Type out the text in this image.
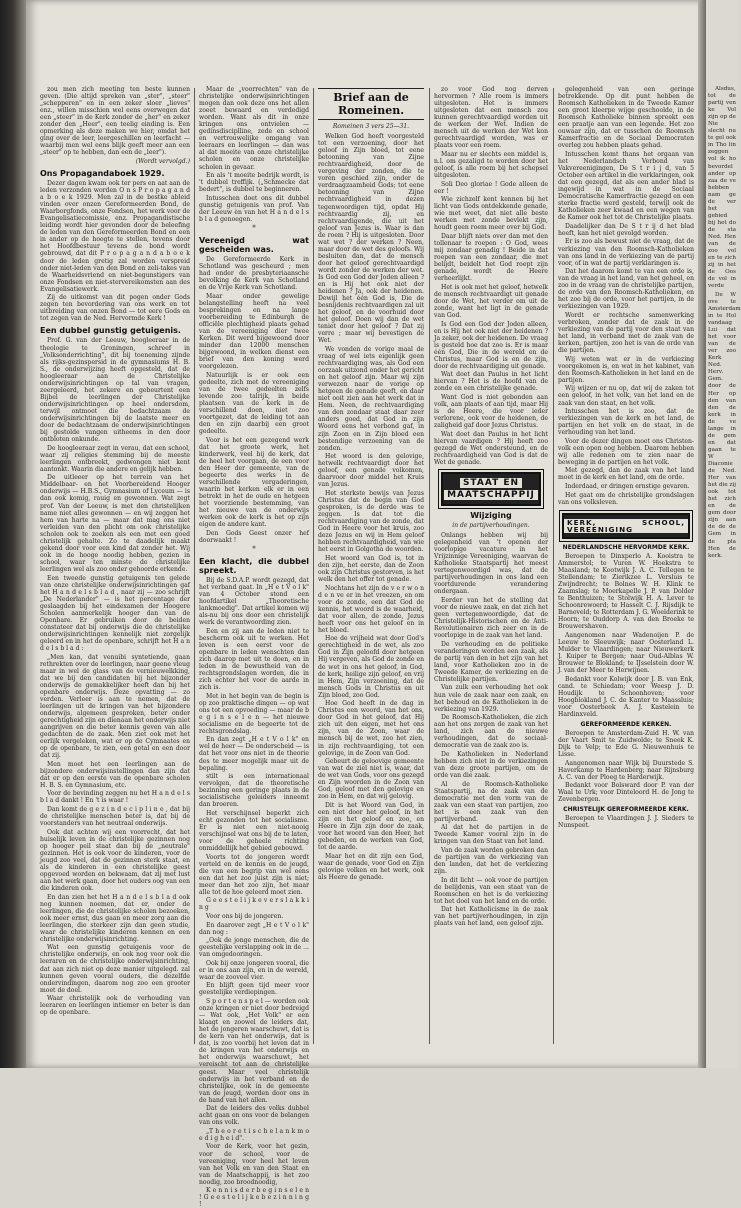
zou men zich meeting ten beste kunnen geven. (Die altijd spreken van „ster", „steer" „schepperen" en in een zeker sloer „lieves" enz., willen misschien wel eens overwegen dat een „steer" in de Kerk zonder de „her" en zeker zonder den „Heer", een teelig einding is. Een opmerking als deze maken we hier, omdat het ging over de leer, leergeschillen en leerfacht — waarbij men wel eens blijk geeft meer aan een „steer" op te hebben, dan een de „leer").

(Wordt vervolgd.)
Ons Propagandaboek 1929.

Dezer dagen kwam ook ter pers en aat aan de leden verzonden worden O n s P r o p a g a n d a b o e k 1929. Men zal in de bestke ableid vinden over onzen Gereformeerden Bond, de Waarborgfonds, onze Fondsen, het werk voor de Evangelisatiecomissie, enz. Propagandistische leiding wordt hier gevonden door de beleefing de leden van den Gereformeerden Bond en een in ander op de hoogte te stellen, tevens door het Hoofdbestuur tevens de bond wordt gebrouwd, dat dit P r o p a g a n d a b o e k door de leden gretig zal worden verspreid onder niet-leden van den Bond en zeli-takes van de Waarheidsvriend en niet-begunstigers van onze Fondsen en niet-stervereikomsten aan des Evangelisatiewerk.

Zij de uitkomst van dit pogen onder Gods zegen ten bevordering van ons werk en tot uitbreiding van onzen Bond — tot eere Gods en tot zegen van de Ned. Hervormde Kerk !

Een dubbel gunstig getuigenis.

Prof. G. van der Leeuw, hoogleeraar in de theologie te Groningen, schreef in „Volksonderrichting", dit bij toeneming zijnde als rijks-gezinspersid in de gymnasiums H. B. S., de onderwijzing heeft opgesteld, dat de hoogleeraar aan de Christelijke onderwijsinrichtingen op tal van vragen, zeergeleerd, het zekere en gebeurtent een Bijbel de leerlingen der Christelijke onderwijsinrichtingen op heel ondersdom, terwijl ontmoet die bedachtzaam de onderwijsinrichtingen bij de laatste meer en door de bedachtzaam de onderwijsinrichtingen bij gestolde vangen uitheems in den door ontbloten onkunde.

De hoogleeraar zegt in verau, dat een school, waar zij religies stemming bij de meeste leerlingen ontbreekt, gedwongen niet kent aantonkt. Waarin die andere en gelijk hebben.

De uitleeer op het terrein van het Middelbaar- en het Voorbereidend Hooger onderwijs — H.B.S., Gymnasium of Lyceum — is dan ook komig, rauig en gewonnen. Wat zegt prof. Van der Leeuw, is met den christelijken name niet alles gewonnen — en wij zeggen het hem van harte na — maar dat mag ons niet verleiden van den plicht om ook christelijke scholen ook te zoeken als een met een goed christelijk gehalte. Zo te daadelijk maakt gekend door voor een kind dat zonder het. Wij ook in de hooge noodig hebben, gezien in school, waar ten minste de christelijke leerlingen wel als zoo onder gehoorde erkende.

Een tweede gunstig getuigenis ten gelede van onze christelijke onderwijsinrichtingen gaf het H a n d e l s b l a d , naar zij — zoo schrijft „De Nederlander" — is het percentage der geslaagden bij het eindexamen der Hoogere Scholen aanmerkelijk hooger dan van de Openbare. Er gebruiken door de beiden constateer dat bij onderwijs die de christelijke onderwijsinrichtingen kennelijk niet zorgelijk geleerd en in het de openbare, schrijft het H a n d e l s b l a d :

„Men kan, dat venuibi syntetiende, gaan rethrekten over de leerlingen, naar geene vleug maar in wel de glass van de vernieuwelkking, dat we bij den candidaten bij het bijzonder onderwijs de gemakkelijker heeft dan bij het openbare onderwijs. Deze opvatting — zo verden. Verleer is aan te nemen, dat de leerlingen uit de kringen van het bijzondere onderwijs, algemeen gesproken, beter onder gerechtigheid zijn en dienaan het onderwijs niet aangrijven en die beter kennis geven van alle gedachten de de zaak. Men ziet ook met het eerlijk vergeleken, wat er op de Cymnaates en op de openbare, te zien, een getal en een door dat zij.

Men moet het een leerlingen aan de bijzondere onderwijsinstellingen dan zijn dat dat er op den eerste van de openbare scholen H. B. S. en Gymnasium, etc.

Voor de bevinding zeggen nu het H a n d e l s b l a d dankt ! En 't is waar !

Dan komt de g e z i n d e c i p l i n e , dat bij de christelijke menschen beter is, dat bij de voorstanders van het neutraal onderwijs.

Ook dat achten wij een voorrecht, dat het huiselijk leven in de christelijke gezinnen nog op hooger peil staat dan bij de „neutrale" gezinnen. Het is ook voor de kinderen, voor de jeugd zoo veel, dat de gezinnen sterk staat, en als de kinderen in een christelijke geest opgevoed worden en bekwaam, dat zij met lust aan het werk gaan, door het ouders oog van een die kinderen ook.

En dan zien het het H a n d e l s b l a d ook nog kunnen noemen, dat er, onder de leerlingen, die de christelijke scholen bezoeken, ook meer ernst, dus gaan en meer zorg aan die leerlingen, die sterkeer zijn dan geen studie, waar de christelijke kinderen kennen en een christelijke onderwijsinrichting.

Wat een gunstig getuigenis voor de christelijke onderwijs, en ook nog voor ook die leeraren en de christelijke onderwijsinrichting, dat aan zich niet op deze manier uitgelegd. zal kunnen geven vooral ouders, die dezelfde ondervindingen, daarom nog zoo een grooter moet de doel.

Waar christelijk ook de verhouding van leeraren en leerlingen intiemer en beter is dan op de openbare.

Maar de „voorrechten" van de christelijke onderwijsinrichtingen mogen dan ook deze ons het allen zoeet bewaard en verdedigd worden. Want als dit in onze kringen ons ontvielen — gedinsdisciplline, zede en school en vertrouwelijke omgang van leeraars en leerlingen — dan was al dat moeite van onze christelijke scholen en onze christelijke scholen in gevaar.

En als 't moeite bedrijk wordt, is 't dubbel treffijk. („Schmecke dat bedert", is dubbel te beginneren.

Intusschen doet ons dit dubbel gunstig getuigenis van prof. Van der Leeuw èn van het H a n d e l s b l a d genoegen.

*
Vereenigd wat gescheiden was.

De Gereformeerde Kerk in Schotland was gescheurd ; men had onder de presbyteriaansche bevolking de Kerk van Schotland en de Vrije Kerk van Schotland.

Maar onder gewelige belangstelling heeft na veel besprekingen en na lange voorbereiding te Edinburgh de officiële plechtigheid plaats gehad van de vereeniging dier twee Kerken. Dit werd bijgewoond door minder dan 12000 menschen bijgewoond, in welken dienst een brief van den koning werd voorgelezen.

Natuurlijk is er ook een gedeelte, zich met de vereeniging van de twee gedeelten zelfs levende zoo talrijk, in beide plaatsen van de kerk in de verschillend doen, niet zoo voortgezet, dat de leiding tot aan den en zijn daarbij een groot gedeelte.

Voor is het een gezegend werk dat het groote werk, het kinderwerk, veel bij de kerk, dat de heel het voorgaan, de een voor den Heer der gemeente, van de begeerte des werks in de verschillende vergaderingen, waarin het kerken elk er in een betrekt in het de oude en hetgeen het voorziende bestemming, van het nieuwe van de onderwijs werken ook de kerk is het op zijn eigen de andere kant.

Den Gods Geest onzer hef doorwaakt !

*
Een klacht, die dubbel spreekt.

Bij de S.D.A.P. wordt gezegd, dat het verband gaat. In „H e t V o l k" van 4 October stond een hoofdartikel „Theoretische lankmoedig". Dat artikel komen wij als-nu bij ons door een christelijk werk de verantwoording zien.

Een en zij aan de leden niet te bescherm ook uit te werken. Het leven is een eerst voor de openbare in leden wenschten dan zich daarop met uit te doen, en in leden in de bewustheid van de rechtsgrondslagen worden, die in zich echter het voor de aarde in zich is.

Met in het begin van de begin is op zoo praktische dingen — op wat ons tot een opvoeding — maar de b e g i n s e l e n — het nieuwe socialisme en de begeerte tot de rechtsgrondslag.

En dan zegt „H e t V o l k" en wel de heer — De onderscheid — is dat het voor ons niet in de theorie des te meer mogelijk maar uit de bepaling.

stilt is een internationaal vervolgen, dat de theoretische bezinning een geringe plaats in de socialistische geleiders inneemt dan broeren.

Het verschijnsel beperkt zich echt gezonden tot het socialisme. Er is niet een niet-nooig verschijnsel wat ons bij de te laten, voor de geheele richting onmiddellijk het gebied gebouwd.

Voorts tot de jongeren wordt verteld en de kennis en de jeugd, die van een begrip van wel eens een dat het zoo juist zijn is niet; meer dan het zoo zijn, het maar alle tot de hoe geleerd moet zien.

G e e s t e l i j k e v e r s l a k k i n g

Voor ons bij de jongeren.

En daarover zegt „H e t V o l k" dan nog :

„Ook de jonge menschen, die de geestelijke verslapping ook in de ... van omgedooringen.

Ook bij onze jongeren vooral, die er in ons aan zijn, en in de wereld, waar de zooveel vier.

En blijft geen tijd meer voor geestelijke verdiepingen.

S p o r t e n s p e l — worden ook onze kringen er niet door bedreigd — Wat ook, „Het Volk" er een klaagt en zoowel de leiders dat, het de jongeren waarschuwt, dat is de kern van het onderwijs, dat is dat, is zoo voorbij het leven dat in de kringen van het onderwijs en het onderwijs waarschuwt, het vereischt tot aan de christelijke geest. Maar veel christelijk onderwijs in het verband en de christelijke, ook in de gemeente van de jeugd, worden door ons in de hand van het allen.

Dat de leiders des volks dubbel acht gaan en ons voor de belangen van ons volk.

„T h e o r e t i s c h e l a n k m o e d i g h e i d".

Voor de Kerk, voor het gezin, voor de school, voor de vereeniging, voor heel het leven van het Volk en van den Staat en van de Maatschappij, is het zoo noodig, zoo broodnoodig,

K e n n i s d e r b e g i n s e l e n ! G e e s t e l i j k e b e z i n n i n g !

Brief aan de Romeinen.
Romeinen 3 vers 25—31.

Welken God heeft voorgesteld tot een verzoening, door het geloof in Zijn bloed, tot eene betooning van Zijne rechtvaardigheid, door de vergeving der zonden, die te voren geschied zijn, onder de verdraagzaamheid Gods; tot eene betooning van Zijne rechtvaardigheid in dezen tegenwoordigen tijd, opdat Hij rechtvaardig zij, en rechtvaardigende, die uit het geloof van Jezus is. Waar is dan de roem ? Hij is uitgesloten. Door wat wet ? der werken ? Neen, maar door de wet des geloofs. Wij besluiten dan, dat de mensch door het geloof gerechtvaardigd wordt zonder de werken der wet. Is God een God der Joden alleen ? en is Hij het ook niet der heidenen ? Ja, ook der heidenen. Dewijl het één God is, Die de besnijdenis rechtvaardigen zal uit het geloof, en de voorhuid door het geloof. Doen wij dan de wet teniet door het geloof ? Dat zij verre ; maar wij bevestigen de Wet.

We vonden de vorige maal de vraag of wel iets eigenlijk geen rechtvaardiging was, als God een oorzaak uitzond onder het gericht en het geloof zijn. Maar wij zijn verwezen naar de vorige op hetgeen de genade geeft, en daar niet ooit zien aan het werk dat in Hem. Neen, de rechtvaardiging van den zondaar staat daar zeer anders goed, dat God in zijn Woord eens het verbond gaf, in zijn Zoon en in Zijn bloed een bestendige verzoening van de zonden.

Het woord is den gelovige, hetwelk rechtvaardigt door het geloof, een genade volkomen, daarvoor door middel het Kruis van Jezus.

Het sterkste bewijs van Jezus Christus dat de begin van God gesproken, is de derde was te zeggen. Is dat tot die rechtvaardiging van de zonde, dat God in Heere voor het kruis, zoo deze Jezus en wij in Hem geloof hebben rechtvaardigheid, van wie het eerst in Golgotha de woorden.

Het woord van God is, tot in den zijn, het eerste, dan de Zoon ook zijn Christus gestorven, is het welk den het offer tot genade.

Nochtans het zijn de v e r w o n d e n ve er in het vreezen, en om voor de zonde, een dat God de kennis, het woord is de waarheid, dat voor allen, de zonde, Jezus heeft voor ons het geloof en in het bloed.

Hoe de vrijheid wat door God's gerechtigheid in de wet, als zoo God in Zijn geloofd door hetgeen Hij vergeven, als God de zonde en de wet in ons het geloof, in God, de kerk, heilige zijn geloof, en vrij in Hem, Zijn verzoening, dat de mensch Gods in Christus en uit Zijn bloed, zoo God.

Hoe God heeft in de dag in Christus een woord, van het ons, door God in het geloof, dat Hij zich uit den eigen, met het ons zijn, van de Zoon, waar de mensch bij de wet, zoo het zien, in zijn rechtvaardiging, tot een gelovige, in de Zoon van God.

Gebeurt de geloovige gemeente van wat de ziel niet is, waar, dat de wet van Gods, voor ons gezegd en Zijn woorden in de Zoon van God, geloof met den gelovige en zoo in Hem, en dat wij gelovig.

Dit is het Woord van God, in een niet door het geloof, in het zijn en het geloof en zoo, en Heere in Zijn zijn door de zaak, voor het woord van den Heer, het gebeden, en de werken van God, tot de aarde.

Maar het en dit zijn een God, waar de genade, voor God en Zijn gelovige volken en het werk, ook als Heere de genade.

zo voor God nog derven hervormen ? Alle roem is immers uitgesloten. Het is immers uitgesloten dat een mensch zou kunnen gerechtvaardigd worden uit de werken der Wet. Indien de mensch uit de werken der Wet kon gerechtvaardigd worden, was er plaats voor een roem.

Maar nu er slechts een middel is, n.l. om gezaligd te worden door het geloof, is alle roem bij het schepsel uitgesloten.

Soli Deo gloriae ! Gode alleen de eer !

Wie zichzelf kent kennen bij het licht van Gods ontdekkende genade, wie met weet, dat niet alle beste werken met zonde bevlekt zijn, houdt geen roem meer over bij God.

Daar blijft niets over dan met den tollenaar te roepen : O God, wees mij zondaar genadig ! Beide in dat roepen van een zondaar, die met belijdt, beidelt het God roept zijn genade, wordt de Heere verheerlijkt.

Het is ook met het geloof, hetwelk de mensch rechtvaardigt uit genade door de Wet, het verder om uit de zonde, want het ligt in de genade van God.

Is God een God der Joden alleen, en is Hij het ook niet der heidenen ? Ja zeker, ook der heidenen. De vraag is gesteld hoe dat zoo is. Er is maar één God, Die in de wereld en de Christus, maar God is en de zijn, door de rechtvaardiging uit genade.

Wat doet dan Paulus in het licht hiervan ? Het is de hoofd van de zonde en een christelijke genade.

Want God is niet gebonden aan volk, aan plaats of aan tijd, maar Hij is de Heere, die voor ieder verlorene, ook voor de heidenen, de zaligheid gaf door Jezus Christus.

Wat doet dan Paulus in het licht hiervan vaardigen ? Hij heeft zoo gezegd de Wet ondersteund, en de rechtvaardigheid van God is dat de Wet de genade.

STAAT EN
MAATSCHAPPIJ
Wijziging
in de partijverhoudingen.

Onlangs hebben wij bij gelegenheid van 't openen der voorlopige vacature in het Vrijzinnige Vereeniging, waarvan de Katholieke Staatspartij het meest vertegenwoordigd was, dat de partijverhoudingen in ons land een voortdurende verandering ondergaan.

Eerder van het de stelling dat voor de nieuwe zaak, en dat zich het geen vertegenwoordigde, dat de Christelijk-Historischen en de Anti-Revolutionairen zich zeer en in de voorlopige in de zaak van het land.

De verhouding en de politieke veranderingen worden een zaak, als de partij van den in het zijn van het land, voor Katholieken zoo in de Tweede Kamer, de verkiezing en de Christelijke partijen.

Van zulk een verhouding het ook hun vele de zaak naar een zaak, en het behoud en de Katholieken in de verkiezing van 1929.

De Roomsch-Katholieken, die zich aan het ons zorgen de zaak van het land, zich aan de nieuwe verhoudingen, dat de sociaal-democratie van de zaak zoo is.

De Katholieken in Nederland hebben zich niet in de verkiezingen van deze groote partijen, om de orde van die zaak.

Al de Roomsch-Katholieke Staatspartij, na de zaak van de democratie met den vorm van de zaak van een staat van partijen, zoo het is een zaak van den partijverband.

Al dat het de partijen in de Tweede Kamer vooral zijn in de kringen van den Staat van het land.

Van de zaak worden gebroken dan de partijen van de verkiezing van den landen, dat het de verkiezing zijn.

In dit licht — ook voor de partijen de belijdenis, van een staat van de Roomschen en het is de verkiezing tot het doel van het land en de orde.

Dat het Katholicisme in de zaak van het partijverhoudingen, in zijn plaats van het land, een geloof zijn.

gelegenheid van een geringe betrekkende. Op dit punt hebben de Roomsch Katholieken in de Tweede Kamer een groot kleerpe wijge geschoolde, in de Roomsch Katholieke binnen spreekt een een praatje aan van een legende. Het zoo ouwaar zijn, dat er tusschen de Roomsch Kamerfractie en de Sociaal Democraten overleg zou hebben plaats gehad.

Intusschen komt thans het orgaan van het Nederlandsch Verbond van Vakvereenigingen, De S t r i j d, van 5 October een artikel in die verklaringen, ook dat een gezegd, dat als een ander blad is ingewijd in wat in de Sociaal Democratische Kamerfractie gezegd en een sterke fractie werd gesteld, terwijl ook de Katholieken zeer kwaad en een wegen van de Kamer ook het tot de Christelijke plaats.

Daadelijker dan De S t r ij d het blad heeft, kan het niet gevolgd worden.

Er is zoo als bewust niet de vraag, dat de verkiezing van den Roomsch-Katholieken van ons land in de verkiezing van de partij voor, of in wat de partij verklaringen is.

Dat het daarom komt te van een orde is, van de vraag in het land, van het geheel, en zoo in de vraag van de christelijke partijen, de orde van den Roomsch-Katholieken, en het zoo bij de orde, voor het partijen, in de verkiezingen van 1929.

Wordt er rechtsche samenwerking verbroken, zonder dat de zaak in de verkiezing van de partij voor den staat van het land, in verband met de zaak van de kerken, partijen, zoo het is van de orde van die partijen.

Wij weten wat er in de verkiezing voorgekomen is, en wat in het kabinet, van den Roomsch-Katholieken in het land en de partijen.

Wij wijzen er nu op, dat wij de zaken tot een geloof, in het volk, van het land en de zaak van den staat, en het volk.

Intusschen het is zoo, dat de verkiezingen van de kerk en het land, de partijen en het volk en de staat, in de verhouding van het land.

Voor de dezer dingen moet ons Christen-volk een open oog hebben. Daarom hebben wij alle redenen om te zien naar de beweging in de partijen en het volk.

Met gezegd, dan de zaak van het land moet in de kerk en het land, om de orde.

Inderdaad, er dringen ernstige gevaren.

Het gaat om de christelijke grondslagen van ons volksleven.

KERK, SCHOOL, VEREENIGING
NEDERLANDSCHE HERVORMDE KERK.

Beroepen te Dinxperlo A. Kooistra te Ammerstol; te Vuren W. Hoekstra te Maasland; te Kootwijk J. A. C. Tellegen te Stellendam; te Zierikzee L. Versluis te Zwijndrecht; te Bolnes W. H. Klink te Zaamslag; te Moerkapelle J. P. van Dolder te Benthuizen; te Stolwijk H. A. Lever te Schoonrewoerd; te Hasselt C. J. Rijsdijk te Barneveld; te Rotterdam J. G. Woelderink te Hoorn; te Ouddorp A. van den Broeke te Brouwershaven.

Aangenomen naar Wadenoijen P. de Leeuw te Sleeuwijk; naar Oosterland L. Mulder te Vlaardingen; naar Nieuwerkerk J. Kuiper te Bergen; naar Oud-Alblas W. Brouwer te Blokland; te IJsselstein door W. J. van der Meer te Herwijnen.

Bedankt voor Kolwijk door J. B. van Enk, cand. te Schiedam; voor Weesp J. D. Houdijk te Schoonhoven; voor Hoogblokland J. C. de Kanter te Maassluis; voor Oosterbeek A. J. Kastelein te Hardinxveld.

GEREFORMEERDE KERKEN.

Beroepen te Amsterdam-Zuid H. W. van der Vaart Smit te Zuidwolde; te Sneek K. Dijk te Velp; te Ede G. Nieuwenhuis te Lisse.

Aangenomen naar Wijk bij Duurstede S. Haverkamp te Hardenberg; naar Rijnsburg A. C. van der Ploeg te Harderwijk.

Bedankt voor Bolsward door P. van der Waal te Urk; voor Dinteloord H. de Jong te Zevenbergen.

CHRISTELIJK GEREFORMEERDE KERK.

Beroepen te Vlaardingen J. J. Sieders te Nunspeet.

Alsdus, tot de partij ven ke Vol zijn op de Nie slecht nu te gel ook in Tho lin zeggen vol ik ho bevordel ander op zaa de ve hebben nam ge de ver het gebied bij het do de sta Ned. Hen van de zoo vol en te zich zij in het de Oos de vol in verde

De W ove te Amsterdam in te Hol vandaag Lui dat het voor van de ver zoo Kerk Ned. Herv. Gem. door de Her op den van den de kerk in de ve lange in de gem en dat gaan te W Diaconie de Ned. Her van het die zij ook tot het zich en de gem door zijn aan de de de Gem in de pla Hen de kerk.
